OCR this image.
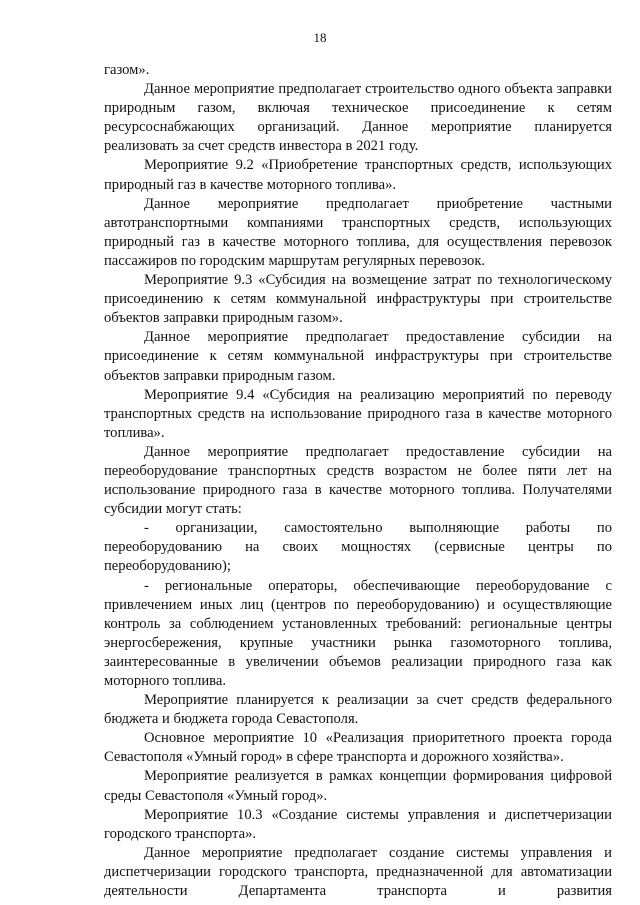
18

газом».

Данное мероприятие предполагает строительство одного объекта заправки природным газом, включая техническое присоединение к сетям ресурсоснабжающих организаций. Данное мероприятие планируется реализовать за счет средств инвестора в 2021 году.

Мероприятие 9.2 «Приобретение транспортных средств, использующих природный газ в качестве моторного топлива».

Данное мероприятие предполагает приобретение частными автотранспортными компаниями транспортных средств, использующих природный газ в качестве моторного топлива, для осуществления перевозок пассажиров по городским маршрутам регулярных перевозок.

Мероприятие 9.3 «Субсидия на возмещение затрат по технологическому присоединению к сетям коммунальной инфраструктуры при строительстве объектов заправки природным газом».

Данное мероприятие предполагает предоставление субсидии на присоединение к сетям коммунальной инфраструктуры при строительстве объектов заправки природным газом.

Мероприятие 9.4 «Субсидия на реализацию мероприятий по переводу транспортных средств на использование природного газа в качестве моторного топлива».

Данное мероприятие предполагает предоставление субсидии на переоборудование транспортных средств возрастом не более пяти лет на использование природного газа в качестве моторного топлива. Получателями субсидии могут стать:

- организации, самостоятельно выполняющие работы по переоборудованию на своих мощностях (сервисные центры по переоборудованию);

- региональные операторы, обеспечивающие переоборудование с привлечением иных лиц (центров по переоборудованию) и осуществляющие контроль за соблюдением установленных требований: региональные центры энергосбережения, крупные участники рынка газомоторного топлива, заинтересованные в увеличении объемов реализации природного газа как моторного топлива.

Мероприятие планируется к реализации за счет средств федерального бюджета и бюджета города Севастополя.

Основное мероприятие 10 «Реализация приоритетного проекта города Севастополя «Умный город» в сфере транспорта и дорожного хозяйства».

Мероприятие реализуется в рамках концепции формирования цифровой среды Севастополя «Умный город».

Мероприятие 10.3 «Создание системы управления и диспетчеризации городского транспорта».

Данное мероприятие предполагает создание системы управления и диспетчеризации городского транспорта, предназначенной для автоматизации деятельности Департамента транспорта и развития
